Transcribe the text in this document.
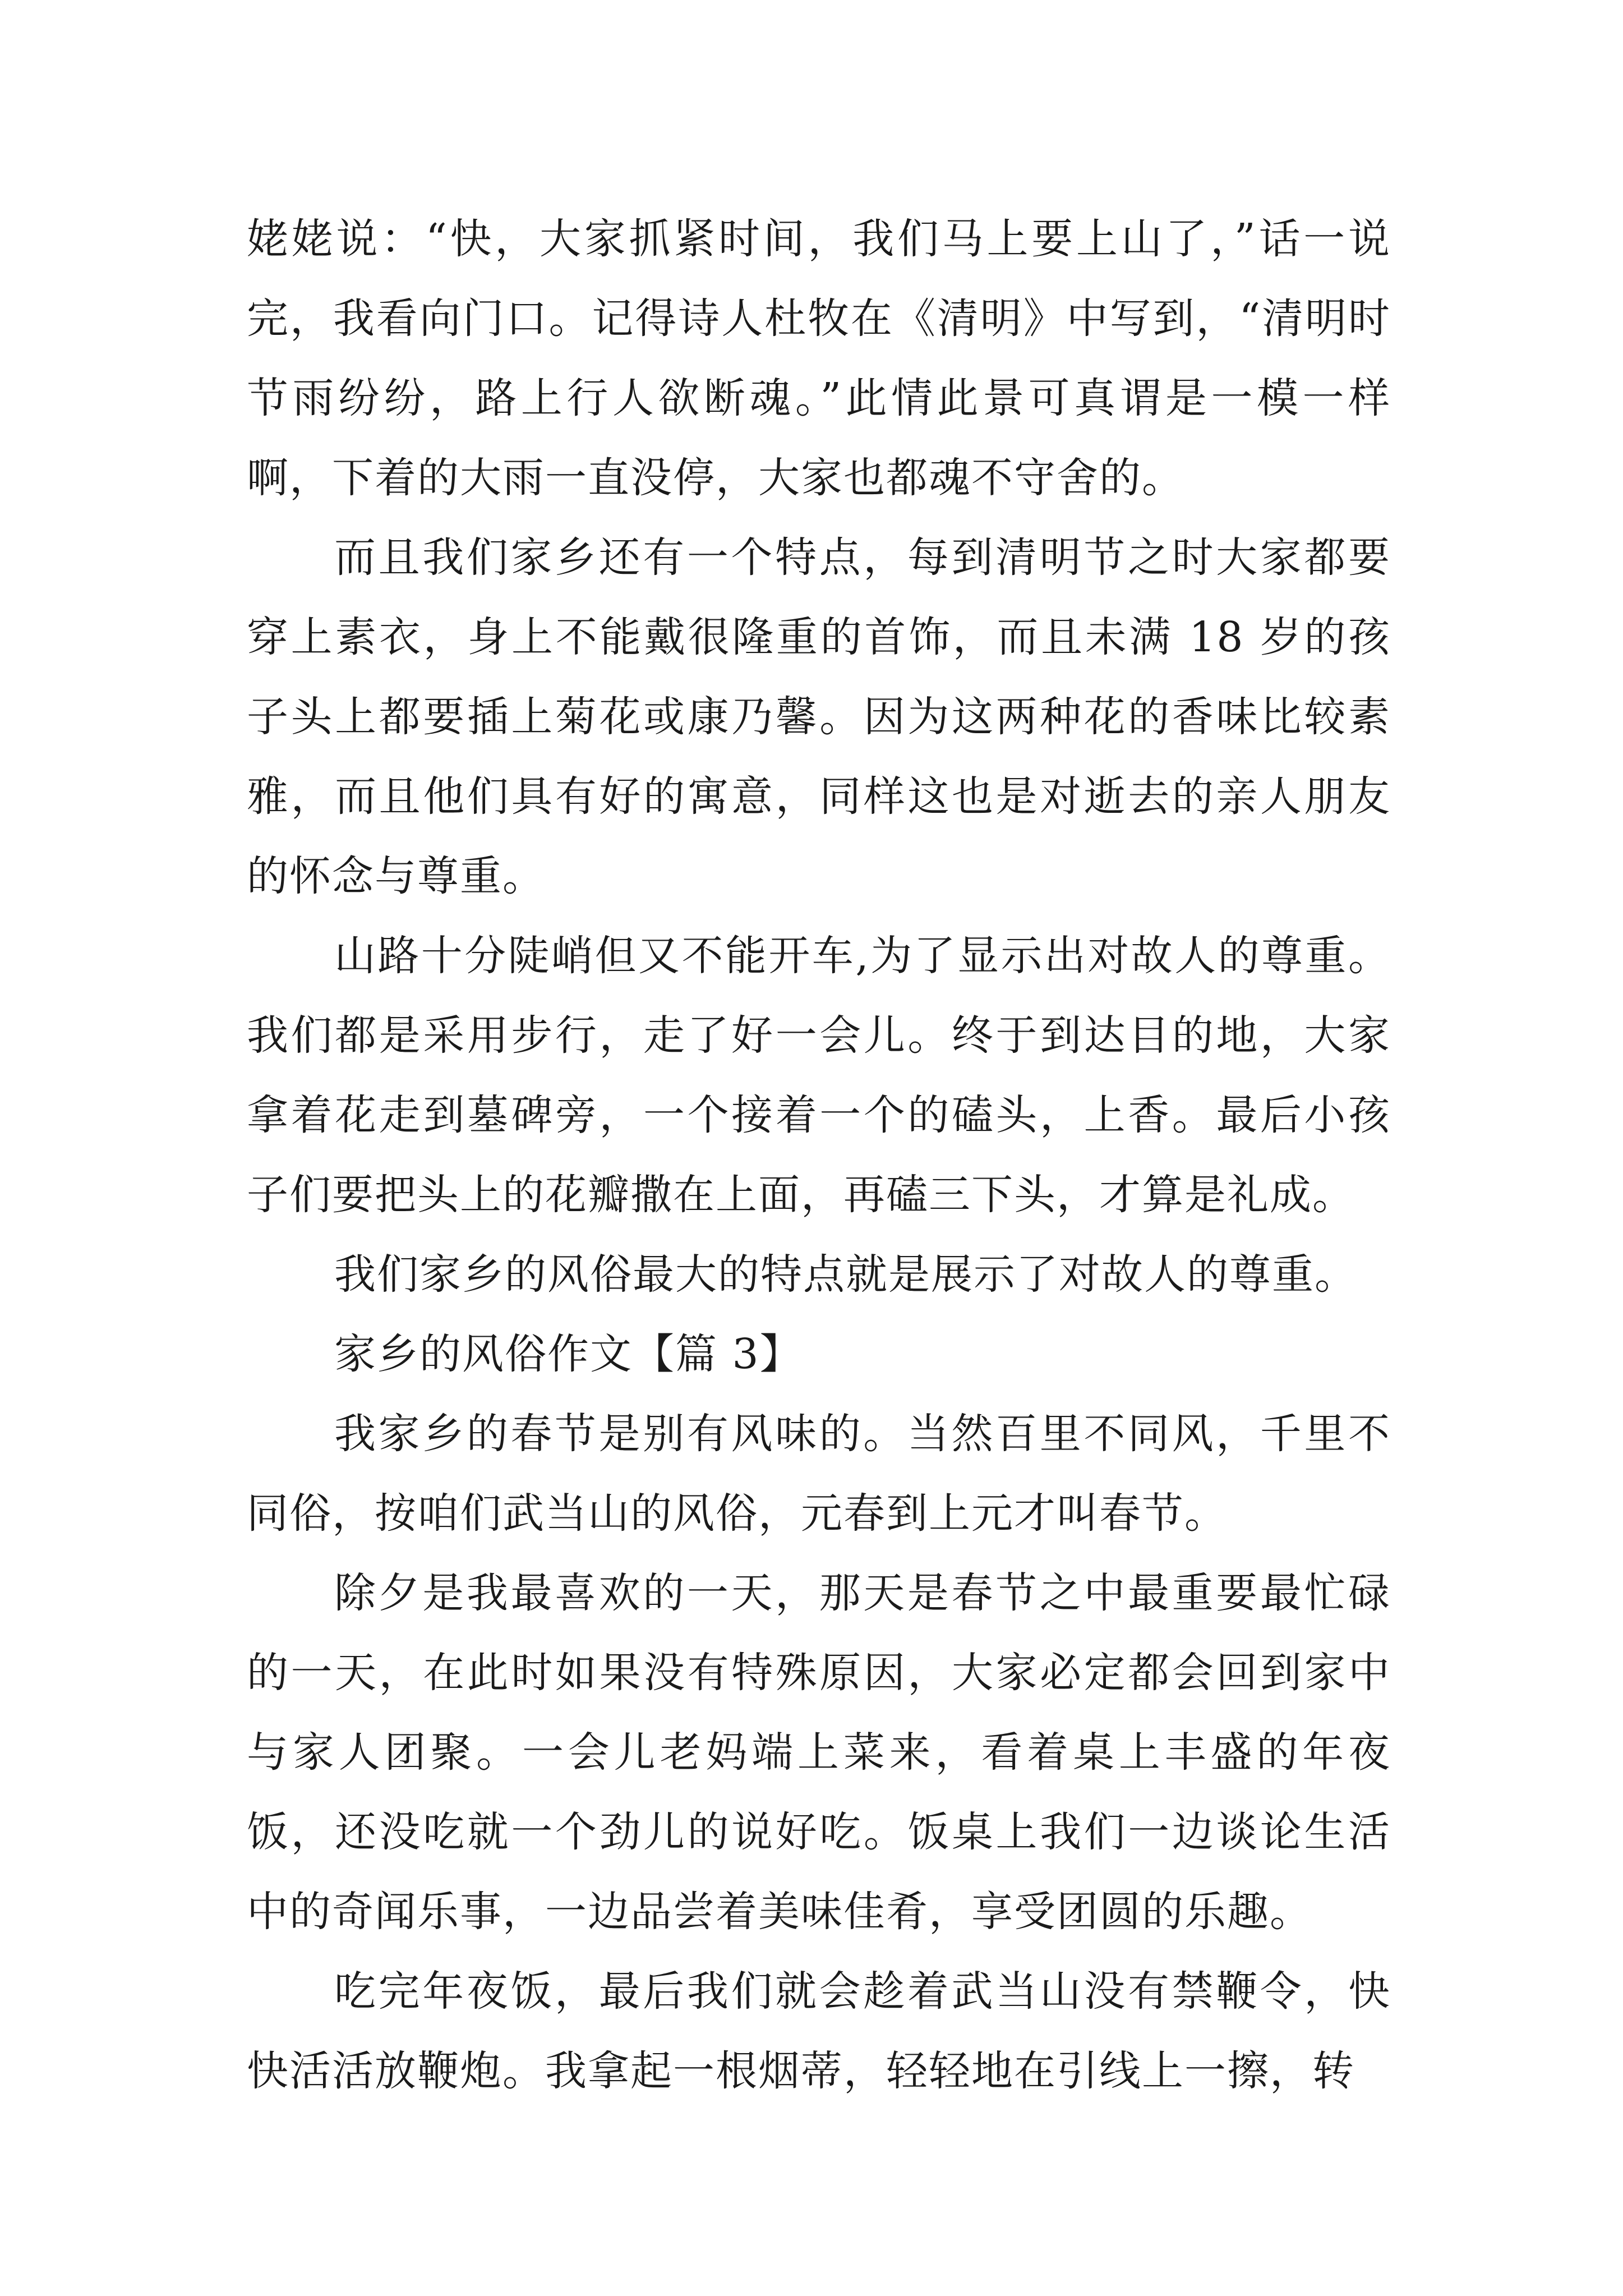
姥姥说：“快，大家抓紧时间，我们马上要上山了，”话一说完，我看向门口。记得诗人杜牧在《清明》中写到，“清明时节雨纷纷，路上行人欲断魂。”此情此景可真谓是一模一样啊，下着的大雨一直没停，大家也都魂不守舍的。

而且我们家乡还有一个特点，每到清明节之时大家都要穿上素衣，身上不能戴很隆重的首饰，而且未满 18 岁的孩子头上都要插上菊花或康乃馨。因为这两种花的香味比较素雅，而且他们具有好的寓意，同样这也是对逝去的亲人朋友的怀念与尊重。

山路十分陡峭但又不能开车,为了显示出对故人的尊重。我们都是采用步行，走了好一会儿。终于到达目的地，大家拿着花走到墓碑旁，一个接着一个的磕头，上香。最后小孩子们要把头上的花瓣撒在上面，再磕三下头，才算是礼成。

我们家乡的风俗最大的特点就是展示了对故人的尊重。

家乡的风俗作文【篇 3】

我家乡的春节是别有风味的。当然百里不同风，千里不同俗，按咱们武当山的风俗，元春到上元才叫春节。

除夕是我最喜欢的一天，那天是春节之中最重要最忙碌的一天，在此时如果没有特殊原因，大家必定都会回到家中与家人团聚。一会儿老妈端上菜来，看着桌上丰盛的年夜饭，还没吃就一个劲儿的说好吃。饭桌上我们一边谈论生活中的奇闻乐事，一边品尝着美味佳肴，享受团圆的乐趣。

吃完年夜饭，最后我们就会趁着武当山没有禁鞭令，快快活活放鞭炮。我拿起一根烟蒂，轻轻地在引线上一擦，转
